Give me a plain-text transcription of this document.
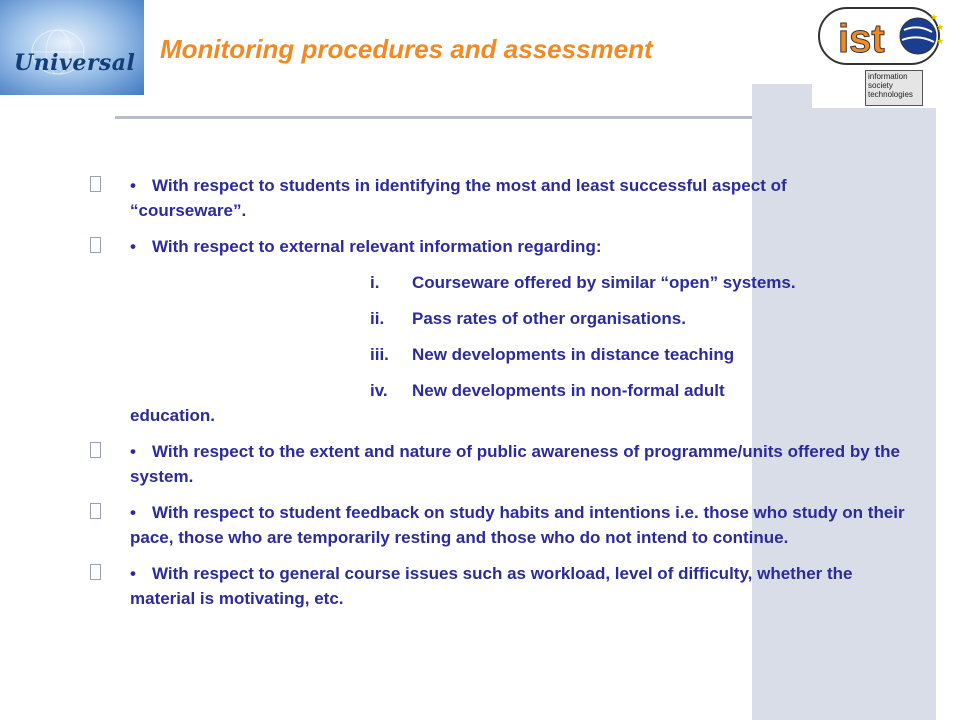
Universal Monitoring procedures and assessment	ist	★
★
★
information
society
technologies
• With respect to students in identifying the most and least successful aspect of “courseware”.
• With respect to external relevant information regarding:
i. Courseware offered by similar “open” systems.
ii. Pass rates of other organisations.
iii. New developments in distance teaching
iv. New developments in non-formal adult
education.
• With respect to the extent and nature of public awareness of programme/units offered by the system.
• With respect to student feedback on study habits and intentions i.e. those who study on their pace, those who are temporarily resting and those who do not intend to continue.
• With respect to general course issues such as workload, level of difficulty, whether the material is motivating, etc.
